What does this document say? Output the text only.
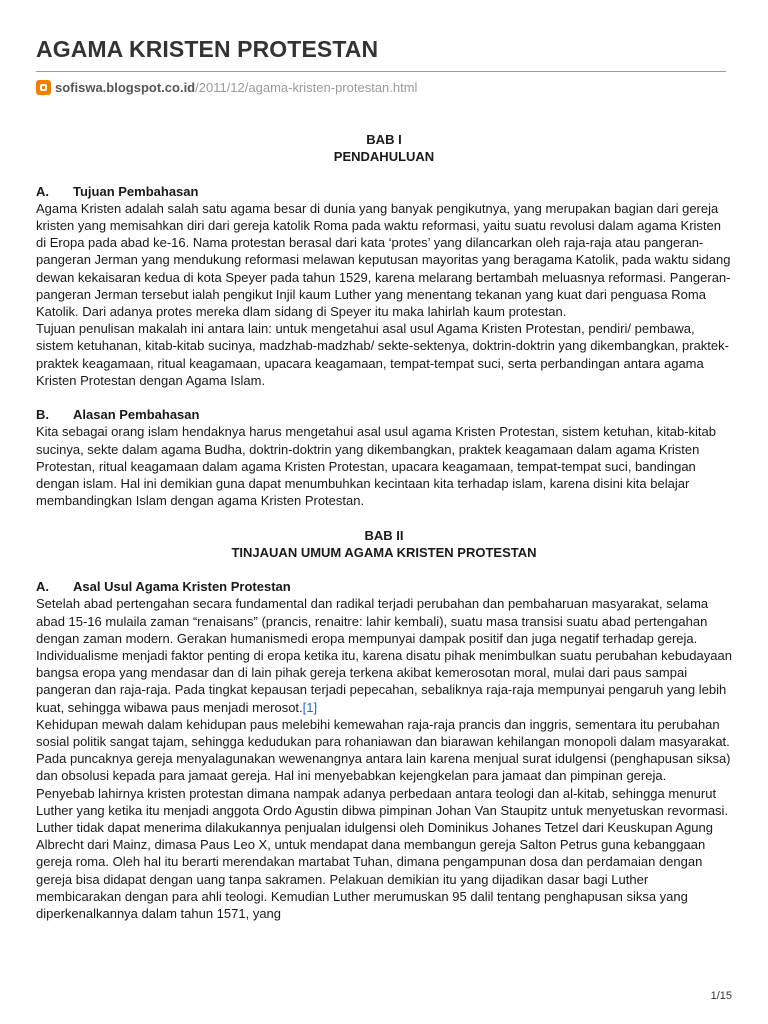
AGAMA KRISTEN PROTESTAN
sofiswa.blogspot.co.id /2011/12/agama-kristen-protestan.html
BAB I
PENDAHULUAN
A. Tujuan Pembahasan

Agama Kristen adalah salah satu agama besar di dunia yang banyak pengikutnya, yang merupakan bagian dari gereja kristen yang memisahkan diri dari gereja katolik Roma pada waktu reformasi, yaitu suatu revolusi dalam agama Kristen di Eropa pada abad ke-16. Nama protestan berasal dari kata ‘protes’ yang dilancarkan oleh raja-raja atau pangeran-pangeran Jerman yang mendukung reformasi melawan keputusan mayoritas yang beragama Katolik, pada waktu sidang dewan kekaisaran kedua di kota Speyer pada tahun 1529, karena melarang bertambah meluasnya reformasi. Pangeran-pangeran Jerman tersebut ialah pengikut Injil kaum Luther yang menentang tekanan yang kuat dari penguasa Roma Katolik. Dari adanya protes mereka dlam sidang di Speyer itu maka lahirlah kaum protestan.

Tujuan penulisan makalah ini antara lain: untuk mengetahui asal usul Agama Kristen Protestan, pendiri/ pembawa, sistem ketuhanan, kitab-kitab sucinya, madzhab-madzhab/ sekte-sektenya, doktrin-doktrin yang dikembangkan, praktek-praktek keagamaan, ritual keagamaan, upacara keagamaan, tempat-tempat suci, serta perbandingan antara agama Kristen Protestan dengan Agama Islam.

B. Alasan Pembahasan

Kita sebagai orang islam hendaknya harus mengetahui asal usul agama Kristen Protestan, sistem ketuhan, kitab-kitab sucinya, sekte dalam agama Budha, doktrin-doktrin yang dikembangkan, praktek keagamaan dalam agama Kristen Protestan, ritual keagamaan dalam agama Kristen Protestan, upacara keagamaan, tempat-tempat suci, bandingan dengan islam. Hal ini demikian guna dapat menumbuhkan kecintaan kita terhadap islam, karena disini kita belajar membandingkan Islam dengan agama Kristen Protestan.

BAB II
TINJAUAN UMUM AGAMA KRISTEN PROTESTAN
A. Asal Usul Agama Kristen Protestan

Setelah abad pertengahan secara fundamental dan radikal terjadi perubahan dan pembaharuan masyarakat, selama abad 15-16 mulaila zaman “renaisans” (prancis, renaitre: lahir kembali), suatu masa transisi suatu abad pertengahan dengan zaman modern. Gerakan humanismedi eropa mempunyai dampak positif dan juga negatif terhadap gereja. Individualisme menjadi faktor penting di eropa ketika itu, karena disatu pihak menimbulkan suatu perubahan kebudayaan bangsa eropa yang mendasar dan di lain pihak gereja terkena akibat kemerosotan moral, mulai dari paus sampai pangeran dan raja-raja. Pada tingkat kepausan terjadi pepecahan, sebaliknya raja-raja mempunyai pengaruh yang lebih kuat, sehingga wibawa paus menjadi merosot.[1]

Kehidupan mewah dalam kehidupan paus melebihi kemewahan raja-raja prancis dan inggris, sementara itu perubahan sosial politik sangat tajam, sehingga kedudukan para rohaniawan dan biarawan kehilangan monopoli dalam masyarakat. Pada puncaknya gereja menyalagunakan wewenangnya antara lain karena menjual surat idulgensi (penghapusan siksa) dan obsolusi kepada para jamaat gereja. Hal ini menyebabkan kejengkelan para jamaat dan pimpinan gereja.

Penyebab lahirnya kristen protestan dimana nampak adanya perbedaan antara teologi dan al-kitab, sehingga menurut Luther yang ketika itu menjadi anggota Ordo Agustin dibwa pimpinan Johan Van Staupitz untuk menyetuskan revormasi. Luther tidak dapat menerima dilakukannya penjualan idulgensi oleh Dominikus Johanes Tetzel dari Keuskupan Agung Albrecht dari Mainz, dimasa Paus Leo X, untuk mendapat dana membangun gereja Salton Petrus guna kebanggaan gereja roma. Oleh hal itu berarti merendakan martabat Tuhan, dimana pengampunan dosa dan perdamaian dengan gereja bisa didapat dengan uang tanpa sakramen. Pelakuan demikian itu yang dijadikan dasar bagi Luther membicarakan dengan para ahli teologi. Kemudian Luther merumuskan 95 dalil tentang penghapusan siksa yang diperkenalkannya dalam tahun 1571, yang

1/15
